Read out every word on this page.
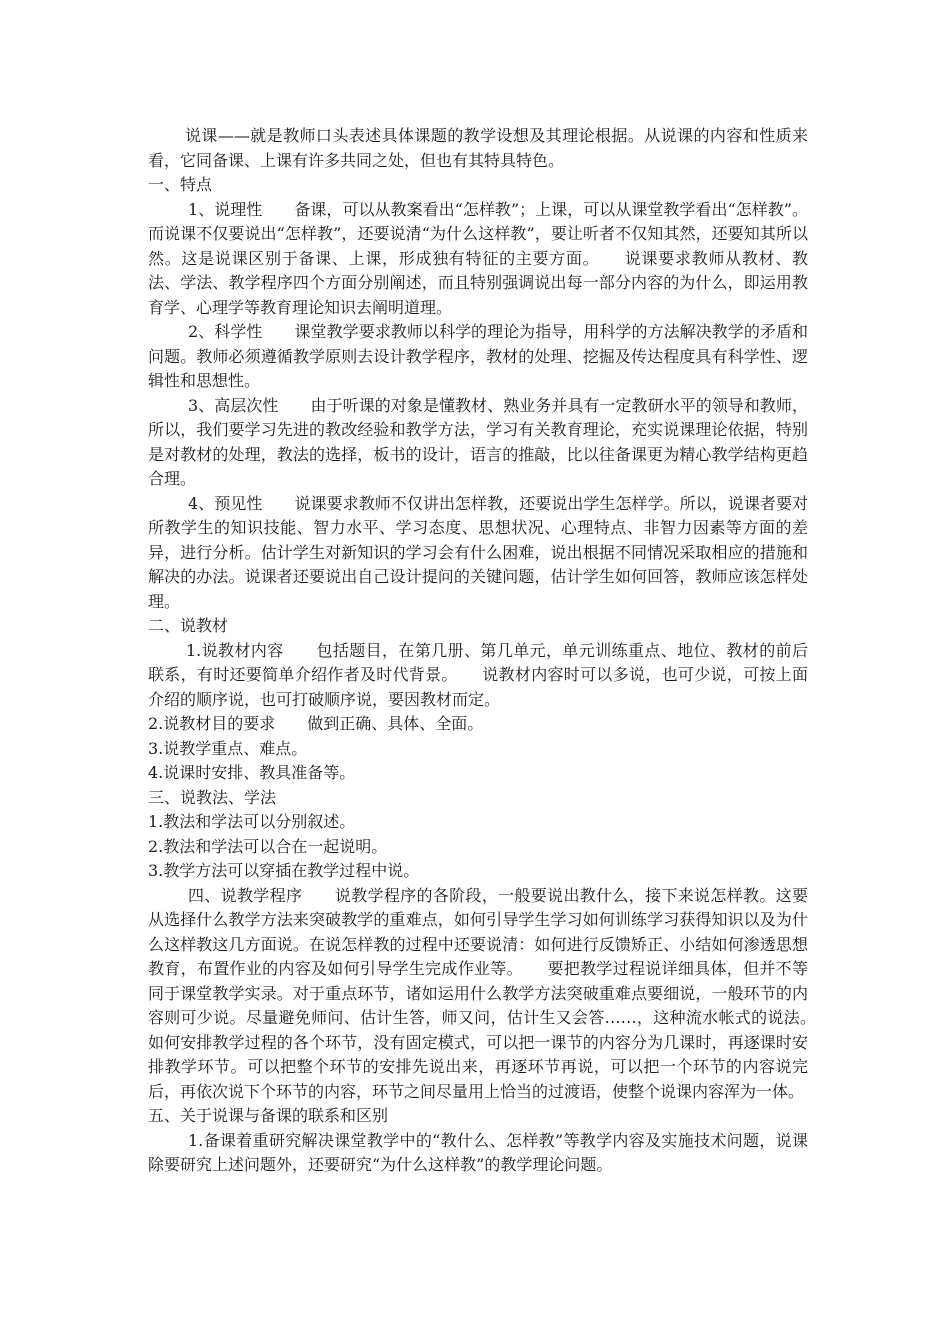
说课——就是教师口头表述具体课题的教学设想及其理论根据。从说课的内容和性质来看，它同备课、上课有许多共同之处，但也有其特具特色。

一、特点

1、说理性　　备课，可以从教案看出“怎样教”；上课，可以从课堂教学看出“怎样教”。而说课不仅要说出“怎样教”，还要说清“为什么这样教”，要让听者不仅知其然，还要知其所以然。这是说课区别于备课、上课，形成独有特征的主要方面。　　说课要求教师从教材、教法、学法、教学程序四个方面分别阐述，而且特别强调说出每一部分内容的为什么，即运用教育学、心理学等教育理论知识去阐明道理。

2、科学性　　课堂教学要求教师以科学的理论为指导，用科学的方法解决教学的矛盾和问题。教师必须遵循教学原则去设计教学程序，教材的处理、挖掘及传达程度具有科学性、逻辑性和思想性。

3、高层次性　　由于听课的对象是懂教材、熟业务并具有一定教研水平的领导和教师，所以，我们要学习先进的教改经验和教学方法，学习有关教育理论，充实说课理论依据，特别是对教材的处理，教法的选择，板书的设计，语言的推敲，比以往备课更为精心教学结构更趋合理。

4、预见性　　说课要求教师不仅讲出怎样教，还要说出学生怎样学。所以，说课者要对所教学生的知识技能、智力水平、学习态度、思想状况、心理特点、非智力因素等方面的差异，进行分析。估计学生对新知识的学习会有什么困难，说出根据不同情况采取相应的措施和解决的办法。说课者还要说出自己设计提问的关键问题，估计学生如何回答，教师应该怎样处理。

二、说教材

1.说教材内容　　包括题目，在第几册、第几单元，单元训练重点、地位、教材的前后联系，有时还要简单介绍作者及时代背景。　　说教材内容时可以多说，也可少说，可按上面介绍的顺序说，也可打破顺序说，要因教材而定。

2.说教材目的要求　　做到正确、具体、全面。

3.说教学重点、难点。

4.说课时安排、教具准备等。

三、说教法、学法

1.教法和学法可以分别叙述。

2.教法和学法可以合在一起说明。

3.教学方法可以穿插在教学过程中说。

四、说教学程序　　说教学程序的各阶段，一般要说出教什么，接下来说怎样教。这要从选择什么教学方法来突破教学的重难点，如何引导学生学习如何训练学习获得知识以及为什么这样教这几方面说。在说怎样教的过程中还要说清：如何进行反馈矫正、小结如何渗透思想教育，布置作业的内容及如何引导学生完成作业等。　　要把教学过程说详细具体，但并不等同于课堂教学实录。对于重点环节，诸如运用什么教学方法突破重难点要细说，一般环节的内容则可少说。尽量避免师问、估计生答，师又问，估计生又会答……，这种流水帐式的说法。　　如何安排教学过程的各个环节，没有固定模式，可以把一课节的内容分为几课时，再逐课时安排教学环节。可以把整个环节的安排先说出来，再逐环节再说，可以把一个环节的内容说完后，再依次说下个环节的内容，环节之间尽量用上恰当的过渡语，使整个说课内容浑为一体。

五、关于说课与备课的联系和区别

1.备课着重研究解决课堂教学中的“教什么、怎样教”等教学内容及实施技术问题，说课除要研究上述问题外，还要研究“为什么这样教”的教学理论问题。
